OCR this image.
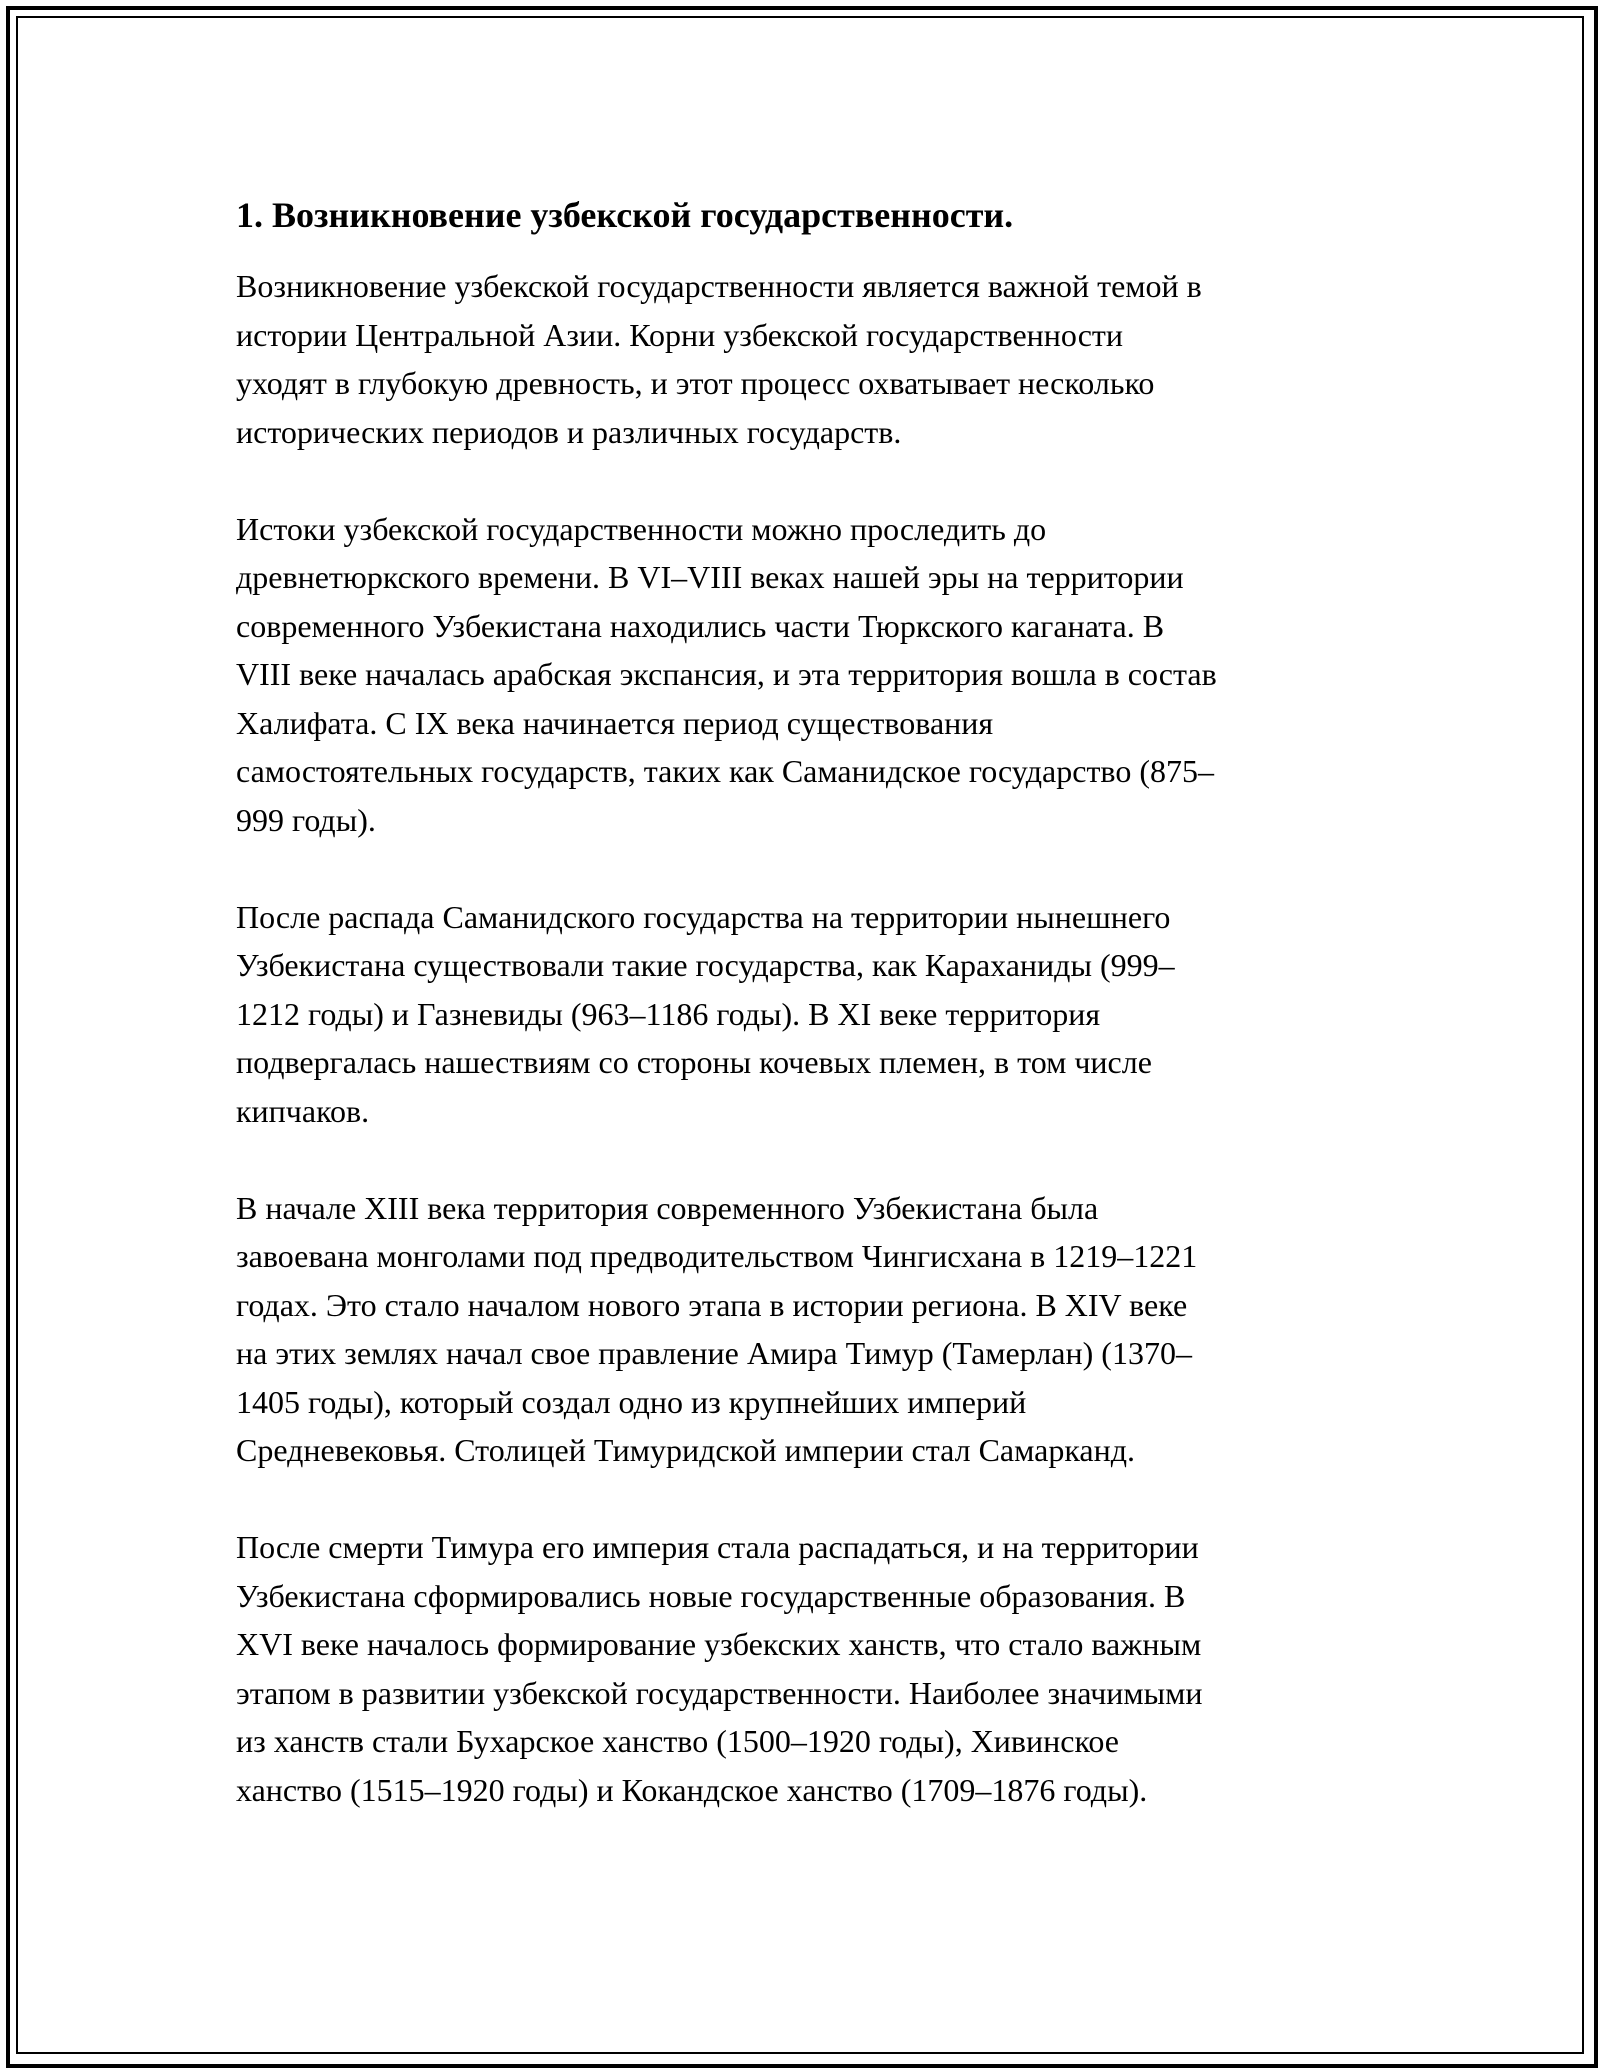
1. Возникновение узбекской государственности.
Возникновение узбекской государственности является важной темой в
истории Центральной Азии. Корни узбекской государственности
уходят в глубокую древность, и этот процесс охватывает несколько
исторических периодов и различных государств.
Истоки узбекской государственности можно проследить до
древнетюркского времени. В VI–VIII веках нашей эры на территории
современного Узбекистана находились части Тюркского каганата. В
VIII веке началась арабская экспансия, и эта территория вошла в состав
Халифата. С IX века начинается период существования
самостоятельных государств, таких как Саманидское государство (875–
999 годы).
После распада Саманидского государства на территории нынешнего
Узбекистана существовали такие государства, как Караханиды (999–
1212 годы) и Газневиды (963–1186 годы). В XI веке территория
подвергалась нашествиям со стороны кочевых племен, в том числе
кипчаков.
В начале XIII века территория современного Узбекистана была
завоевана монголами под предводительством Чингисхана в 1219–1221
годах. Это стало началом нового этапа в истории региона. В XIV веке
на этих землях начал свое правление Амира Тимур (Тамерлан) (1370–
1405 годы), который создал одно из крупнейших империй
Средневековья. Столицей Тимуридской империи стал Самарканд.
После смерти Тимура его империя стала распадаться, и на территории
Узбекистана сформировались новые государственные образования. В
XVI веке началось формирование узбекских ханств, что стало важным
этапом в развитии узбекской государственности. Наиболее значимыми
из ханств стали Бухарское ханство (1500–1920 годы), Хивинское
ханство (1515–1920 годы) и Кокандское ханство (1709–1876 годы).
